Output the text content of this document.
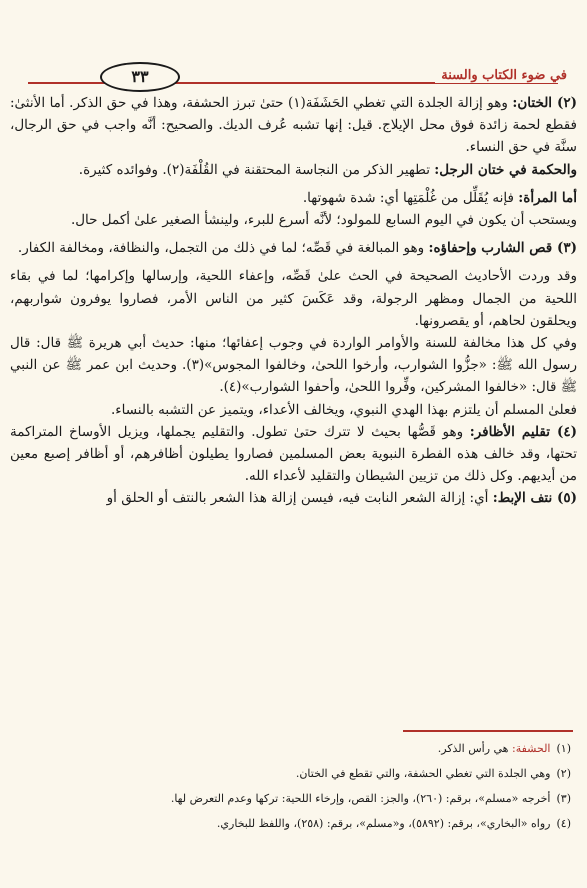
في ضوء الكتاب والسنة
٣٣

(٢) الختان: وهو إزالة الجلدة التي تغطي الحَشَفَة(١) حتىٰ تبرز الحشفة، وهذا في حق الذكر. أما الأنثىٰ: فقطع لحمة زائدة فوق محل الإيلاج. قيل: إنها تشبه عُرف الديك. والصحيح: أنَّه واجب في حق الرجال، سنَّة في حق النساء.

والحكمة في ختان الرجل: تطهير الذكر من النجاسة المحتقنة في القُلْفَة(٢). وفوائده كثيرة.

أما المرأة: فإنه يُقَلِّل من غُلْمَتِها أي: شدة شهوتها.

ويستحب أن يكون في اليوم السابع للمولود؛ لأنَّه أسرع للبرء، ولينشأ الصغير علىٰ أكمل حال.

(٣) قص الشارب وإحفاؤه: وهو المبالغة في قَصِّه؛ لما في ذلك من التجمل، والنظافة، ومخالفة الكفار.

وقد وردت الأحاديث الصحيحة في الحث علىٰ قَصِّه، وإعفاء اللحية، وإرسالها وإكرامها؛ لما في بقاء اللحية من الجمال ومظهر الرجولة، وقد عَكَسَ كثير من الناس الأمر، فصاروا يوفرون شواربهم، ويحلقون لحاهم، أو يقصرونها.

وفي كل هذا مخالفة للسنة والأوامر الواردة في وجوب إعفائها؛ منها: حديث أبي هريرة ﷺ قال: قال رسول الله ﷺ: «جزُّوا الشوارب، وأرخوا اللحىٰ، وخالفوا المجوس»(٣). وحديث ابن عمر ﷺ عن النبي ﷺ قال: «خالفوا المشركين، وفِّروا اللحىٰ، وأحفوا الشوارب»(٤).

فعلىٰ المسلم أن يلتزم بهذا الهدي النبوي، ويخالف الأعداء، ويتميز عن التشبه بالنساء.

(٤) تقليم الأظافر: وهو قَصُّها بحيث لا تترك حتىٰ تطول. والتقليم يجملها، ويزيل الأوساخ المتراكمة تحتها، وقد خالف هذه الفطرة النبوية بعض المسلمين فصاروا يطيلون أظافرهم، أو أظافر إصبع معين من أيديهم. وكل ذلك من تزيين الشيطان والتقليد لأعداء الله.

(٥) نتف الإبط: أي: إزالة الشعر النابت فيه، فيسن إزالة هذا الشعر بالنتف أو الحلق أو

(١)الحشفة: هي رأس الذكر.
(٢)وهي الجلدة التي تغطي الحشفة، والتي تقطع في الختان.
(٣)أخرجه «مسلم»، برقم: (٢٦٠)، والجز: القص، وإرخاء اللحية: تركها وعدم التعرض لها.
(٤)رواه «البخاري»، برقم: (٥٨٩٢)، و«مسلم»، برقم: (٢٥٨)، واللفظ للبخاري.
